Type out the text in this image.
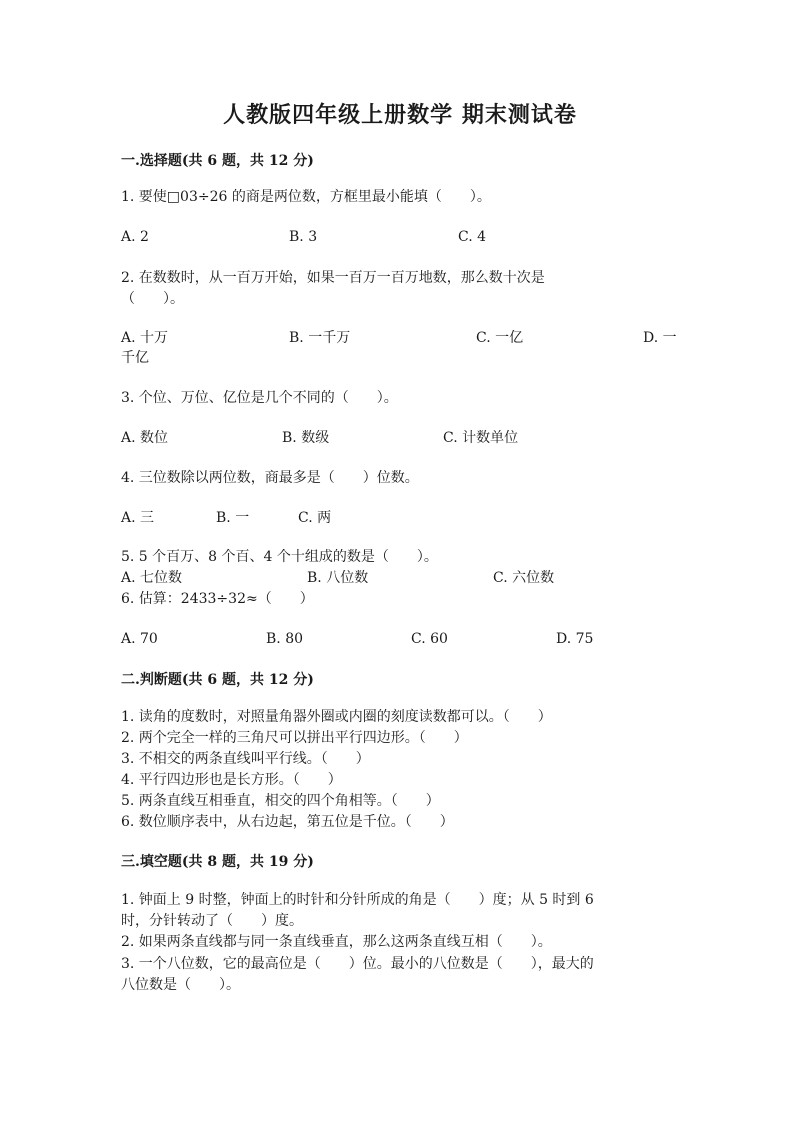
人教版四年级上册数学 期末测试卷
一.选择题(共 6 题，共 12 分)
1. 要使□03÷26 的商是两位数，方框里最小能填（　　）。
A. 2	B. 3	C. 4
2. 在数数时，从一百万开始，如果一百万一百万地数，那么数十次是
（　　）。
A. 十万	B. 一千万	C. 一亿	D. 一
千亿
3. 个位、万位、亿位是几个不同的（　　）。
A. 数位	B. 数级	C. 计数单位
4. 三位数除以两位数，商最多是（　　）位数。
A. 三	B. 一	C. 两
5. 5 个百万、8 个百、4 个十组成的数是（　　）。
A. 七位数	B. 八位数	C. 六位数
6. 估算：2433÷32≈（　　）
A. 70	B. 80	C. 60	D. 75
二.判断题(共 6 题，共 12 分)
1. 读角的度数时，对照量角器外圈或内圈的刻度读数都可以。（　　）
2. 两个完全一样的三角尺可以拼出平行四边形。（　　）
3. 不相交的两条直线叫平行线。（　　）
4. 平行四边形也是长方形。（　　）
5. 两条直线互相垂直，相交的四个角相等。（　　）
6. 数位顺序表中，从右边起，第五位是千位。（　　）
三.填空题(共 8 题，共 19 分)
1. 钟面上 9 时整，钟面上的时针和分针所成的角是（　　）度；从 5 时到 6
时，分针转动了（　　）度。
2. 如果两条直线都与同一条直线垂直，那么这两条直线互相（　　）。
3. 一个八位数，它的最高位是（　　）位。最小的八位数是（　　），最大的
八位数是（　　）。
